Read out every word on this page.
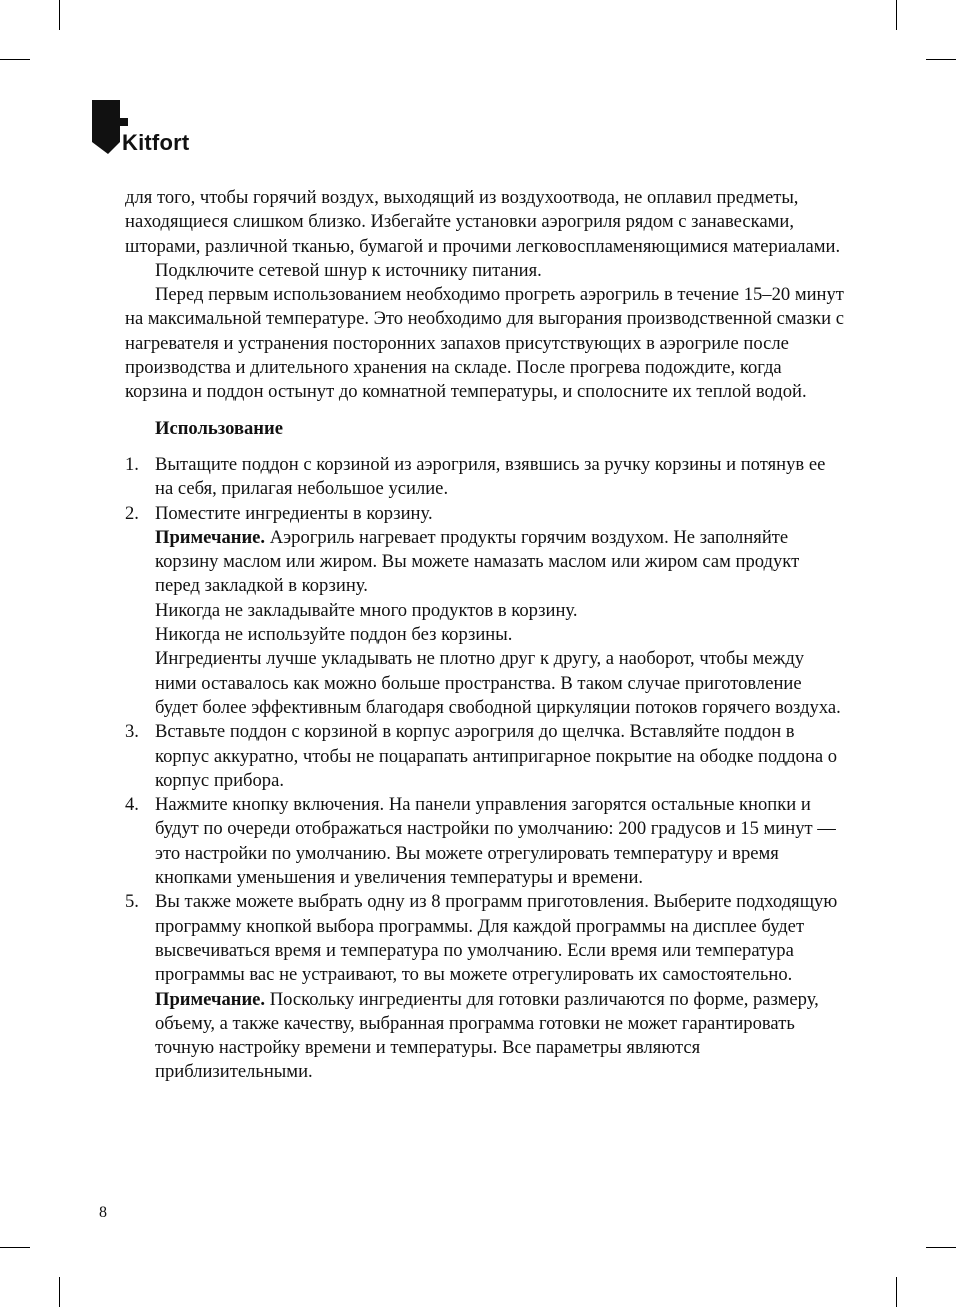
Kitfort

для того, чтобы горячий воздух, выходящий из воздухоотвода, не оплавил предметы, находящиеся слишком близко. Избегайте установки аэрогриля рядом с занавесками, шторами, различной тканью, бумагой и прочими легковоспламеняющимися материалами.

Подключите сетевой шнур к источнику питания.

Перед первым использованием необходимо прогреть аэрогриль в течение 15–20 минут на максимальной температуре. Это необходимо для выгорания производственной смазки с нагревателя и устранения посторонних запахов присутствующих в аэрогриле после производства и длительного хранения на складе. После прогрева подождите, когда корзина и поддон остынут до комнатной температуры, и сполосните их теплой водой.

Использование

1. Вытащите поддон с корзиной из аэрогриля, взявшись за ручку корзины и потянув ее на себя, прилагая небольшое усилие.

2. Поместите ингредиенты в корзину.

Примечание. Аэрогриль нагревает продукты горячим воздухом. Не заполняйте корзину маслом или жиром. Вы можете намазать маслом или жиром сам продукт перед закладкой в корзину.

Никогда не закладывайте много продуктов в корзину.

Никогда не используйте поддон без корзины.

Ингредиенты лучше укладывать не плотно друг к другу, а наоборот, чтобы между ними оставалось как можно больше пространства. В таком случае приготовление будет более эффективным благодаря свободной циркуляции потоков горячего воздуха.

3. Вставьте поддон с корзиной в корпус аэрогриля до щелчка. Вставляйте поддон в корпус аккуратно, чтобы не поцарапать антипригарное покрытие на ободке поддона о корпус прибора.

4. Нажмите кнопку включения. На панели управления загорятся остальные кнопки и будут по очереди отображаться настройки по умолчанию: 200 градусов и 15 минут — это настройки по умолчанию. Вы можете отрегулировать температуру и время кнопками уменьшения и увеличения температуры и времени.

5. Вы также можете выбрать одну из 8 программ приготовления. Выберите подходящую программу кнопкой выбора программы. Для каждой программы на дисплее будет высвечиваться время и температура по умолчанию. Если время или температура программы вас не устраивают, то вы можете отрегулировать их самостоятельно.

Примечание. Поскольку ингредиенты для готовки различаются по форме, размеру, объему, а также качеству, выбранная программа готовки не может гарантировать точную настройку времени и температуры. Все параметры являются приблизительными.

8
